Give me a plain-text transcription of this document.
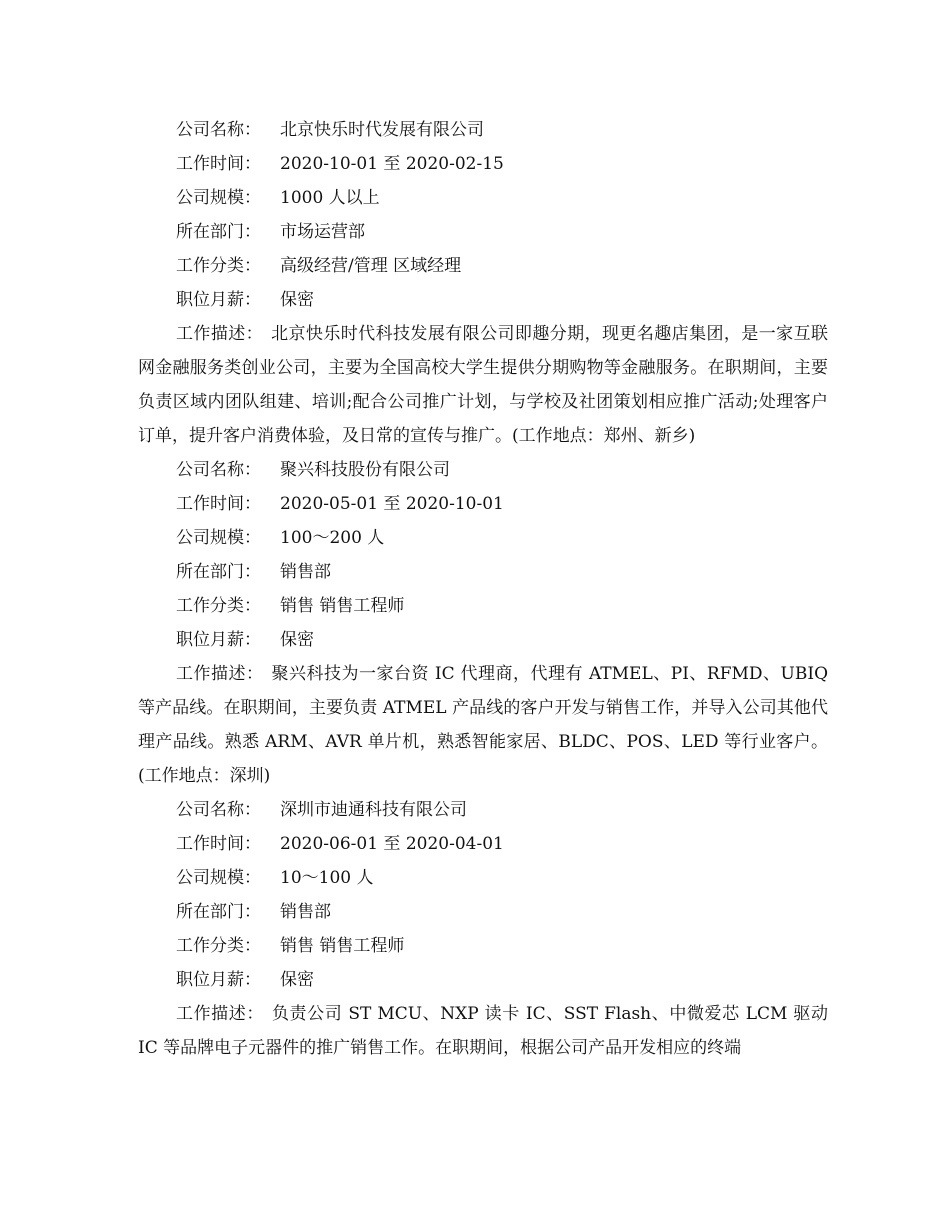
公司名称： 北京快乐时代发展有限公司
工作时间： 2020-10-01 至 2020-02-15
公司规模： 1000 人以上
所在部门： 市场运营部
工作分类： 高级经营/管理 区域经理
职位月薪： 保密

工作描述： 北京快乐时代科技发展有限公司即趣分期，现更名趣店集团，是一家互联网金融服务类创业公司，主要为全国高校大学生提供分期购物等金融服务。在职期间，主要负责区域内团队组建、培训;配合公司推广计划，与学校及社团策划相应推广活动;处理客户订单，提升客户消费体验，及日常的宣传与推广。(工作地点：郑州、新乡)

公司名称： 聚兴科技股份有限公司
工作时间： 2020-05-01 至 2020-10-01
公司规模： 100～200 人
所在部门： 销售部
工作分类： 销售 销售工程师
职位月薪： 保密

工作描述： 聚兴科技为一家台资 IC 代理商，代理有 ATMEL、PI、RFMD、UBIQ 等产品线。在职期间，主要负责 ATMEL 产品线的客户开发与销售工作，并导入公司其他代理产品线。熟悉 ARM、AVR 单片机，熟悉智能家居、BLDC、POS、LED 等行业客户。(工作地点：深圳)

公司名称： 深圳市迪通科技有限公司
工作时间： 2020-06-01 至 2020-04-01
公司规模： 10～100 人
所在部门： 销售部
工作分类： 销售 销售工程师
职位月薪： 保密

工作描述： 负责公司 ST MCU、NXP 读卡 IC、SST Flash、中微爱芯 LCM 驱动 IC 等品牌电子元器件的推广销售工作。在职期间，根据公司产品开发相应的终端
